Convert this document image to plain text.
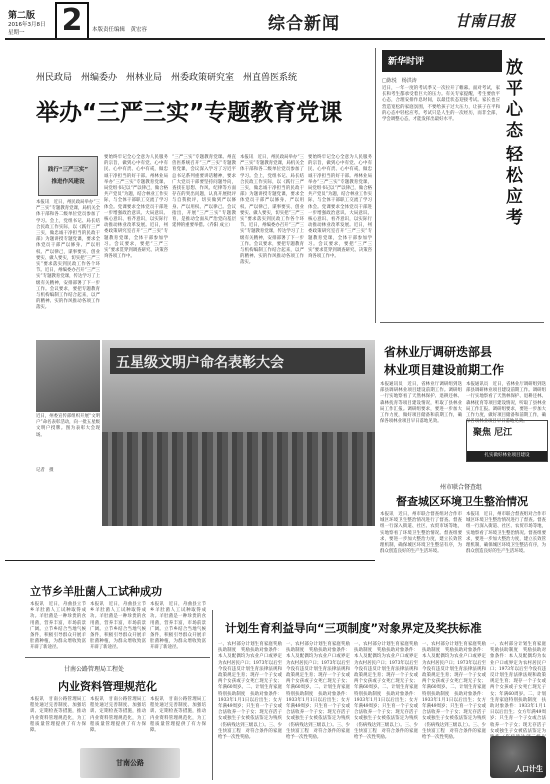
第二版
2016年3月8日
星期一 2	本版责任编辑　黄宏容	综合新闻	甘南日报
州民政局　州编委办　州林业局　州委政策研究室　州直兽医系统
举办“三严三实”专题教育党课
践行“三严三实”
推进作风建设
本报讯　近日，州民政局举办“三严三实”专题教育党课，局机关全体干部和各二级单位党员参加了学习。会上，党组书记、局长结合民政工作实际，以《践行三严三实，做忠诚干净担当的民政干部》为题讲授专题党课，要求全体党员干部严以修身、严以用权、严以律己，谋事要实、创业要实、做人要实，切实把“三严三实”要求落实到民政工作各个环节。近日，州编委办召开“三严三实”专题教育党课，传达学习了上级有关精神，安排部署了下一步工作。会议要求，要把专题教育与机构编制工作结合起来，以严的精神、实的作风推动各项工作落实。
要始终牢记全心全意为人民服务的宗旨，做到心中有党、心中有民、心中有责、心中有戒，做忠诚干净担当的好干部。州林业局举办“三严三实”专题教育党课，局党组书记以“严以律己，做合格共产党员”为题，结合林业工作实际，与全体干部职工交流了学习体会。党课要求全体党员干部进一步增强政治意识、大局意识、核心意识、看齐意识，以实际行动推动林业改革发展。近日，州委政策研究室召开“三严三实”专题教育党课，全体干部参加学习。会议要求，要把“三严三实”要求贯穿到调查研究、决策咨询各项工作中。
“三严三实”专题教育党课。州直兽医系统召开“三严三实”专题教育党课，会议深入学习了习近平总书记系列重要讲话精神，要求广大党员干部要坚持问题导向，查找在思想、作风、纪律等方面存在的突出问题，认真开展批评与自我批评，切实做到严以修身、严以用权、严以律己。会议指出，开展“三严三实”专题教育，是推动全面从严治党向基层延伸的重要举措。（乔阳 成立）
本报讯　近日，州民政局举办“三严三实”专题教育党课，局机关全体干部和各二级单位党员参加了学习。会上，党组书记、局长结合民政工作实际，以《践行三严三实，做忠诚干净担当的民政干部》为题讲授专题党课，要求全体党员干部严以修身、严以用权、严以律己，谋事要实、创业要实、做人要实，切实把“三严三实”要求落实到民政工作各个环节。近日，州编委办召开“三严三实”专题教育党课，传达学习了上级有关精神，安排部署了下一步工作。会议要求，要把专题教育与机构编制工作结合起来，以严的精神、实的作风推动各项工作落实。
要始终牢记全心全意为人民服务的宗旨，做到心中有党、心中有民、心中有责、心中有戒，做忠诚干净担当的好干部。州林业局举办“三严三实”专题教育党课，局党组书记以“严以律己，做合格共产党员”为题，结合林业工作实际，与全体干部职工交流了学习体会。党课要求全体党员干部进一步增强政治意识、大局意识、核心意识、看齐意识，以实际行动推动林业改革发展。近日，州委政策研究室召开“三严三实”专题教育党课，全体干部参加学习。会议要求，要把“三严三实”要求贯穿到调查研究、决策咨询各项工作中。
五星级文明户命名表彰大会
近日，州委宣传部组织开展“文明户”命名表彰活动，向一批五星级文明户授牌。图为表彰大会现场。
记者　摄
新华时评
□陈悦　杨洪涛
近日，一年一度的考试季又一次拉开了帷幕。面对考试，家长和考生都承受着巨大的压力。有关专家提醒，考生要放平心态，合理安排作息时间，以最佳状态迎接考试。家长也应营造宽松的家庭氛围，不要给孩子过大压力，让孩子在平和的心态中轻松应考。考试只是人生的一次经历，而非全部，学会调整心态，才能发挥出最好水平。
放平心态
轻松应考
省林业厅调研迭部县
林业项目建设前期工作
本报通讯员　近日，省林业厅调研组到迭部县调研林业项目建设前期工作。调研组一行实地察看了天然林保护、退耕还林、森林抚育等项目建设情况，听取了县林业局工作汇报。调研组要求，要进一步加大工作力度，做好项目储备和前期工作，确保各项林业项目早日落地见效。
本报通讯员　近日，省林业厅调研组到迭部县调研林业项目建设前期工作。调研组一行实地察看了天然林保护、退耕还林、森林抚育等项目建设情况，听取了县林业局工作汇报。调研组要求，要进一步加大工作力度，做好项目储备和前期工作，确保各项林业项目早日落地见效。
聚焦 尼江
扎实做好林业项目建设
州市联合督查组
督查城区环境卫生整治情况
本报讯　近日，州市联合督查组对合作市城区环境卫生整治情况进行了督查。督查组一行深入街道、社区、农贸市场等地，实地察看了环境卫生整治情况。督查组要求，要进一步加大整治力度，建立长效管理机制，确保城区环境卫生整洁有序，为群众创造良好的生产生活环境。
本报讯　近日，州市联合督查组对合作市城区环境卫生整治情况进行了督查。督查组一行深入街道、社区、农贸市场等地，实地察看了环境卫生整治情况。督查组要求，要进一步加大整治力度，建立长效管理机制，确保城区环境卫生整洁有序，为群众创造良好的生产生活环境。
立节乡羊肚菌人工试种成功
本报讯　近日，舟曲县立节乡羊肚菌人工试种取得成功。羊肚菌是一种珍贵的食用菌，营养丰富，市场前景广阔。立节乡结合当地气候条件，积极引导群众开展羊肚菌种植，为群众增收致富开辟了新途径。
本报讯　近日，舟曲县立节乡羊肚菌人工试种取得成功。羊肚菌是一种珍贵的食用菌，营养丰富，市场前景广阔。立节乡结合当地气候条件，积极引导群众开展羊肚菌种植，为群众增收致富开辟了新途径。
本报讯　近日，舟曲县立节乡羊肚菌人工试种取得成功。羊肚菌是一种珍贵的食用菌，营养丰富，市场前景广阔。立节乡结合当地气候条件，积极引导群众开展羊肚菌种植，为群众增收致富开辟了新途径。
甘南公路管理局工程处
内业资料管理规范化
本报讯　甘南公路管理局工程处通过完善制度、加强培训、定期检查等措施，推动内业资料管理规范化，为工程质量管理提供了有力保障。
本报讯　甘南公路管理局工程处通过完善制度、加强培训、定期检查等措施，推动内业资料管理规范化，为工程质量管理提供了有力保障。
本报讯　甘南公路管理局工程处通过完善制度、加强培训、定期检查等措施，推动内业资料管理规范化，为工程质量管理提供了有力保障。
甘南公路
计划生育利益导向“三项制度”对象界定及奖扶标准
一、农村部分计划生育家庭奖励扶助制度　奖励扶助对象条件：本人及配偶均为农业户口或界定为农村居民户口；1973年以后至今没有违反计划生育法律法规和政策规定生育；现存一个子女或两个女孩或子女死亡现无子女；年满60周岁。二、计划生育家庭特别扶助制度　扶助对象条件：1933年1月1日以后出生；女方年满49周岁；只生育一个子女或合法收养一个子女；现无存活子女或独生子女被依法鉴定为残疾（伤病残达到三级以上）。三、少生快富工程　对符合条件的家庭给予一次性奖励。
一、农村部分计划生育家庭奖励扶助制度　奖励扶助对象条件：本人及配偶均为农业户口或界定为农村居民户口；1973年以后至今没有违反计划生育法律法规和政策规定生育；现存一个子女或两个女孩或子女死亡现无子女；年满60周岁。二、计划生育家庭特别扶助制度　扶助对象条件：1933年1月1日以后出生；女方年满49周岁；只生育一个子女或合法收养一个子女；现无存活子女或独生子女被依法鉴定为残疾（伤病残达到三级以上）。三、少生快富工程　对符合条件的家庭给予一次性奖励。
一、农村部分计划生育家庭奖励扶助制度　奖励扶助对象条件：本人及配偶均为农业户口或界定为农村居民户口；1973年以后至今没有违反计划生育法律法规和政策规定生育；现存一个子女或两个女孩或子女死亡现无子女；年满60周岁。二、计划生育家庭特别扶助制度　扶助对象条件：1933年1月1日以后出生；女方年满49周岁；只生育一个子女或合法收养一个子女；现无存活子女或独生子女被依法鉴定为残疾（伤病残达到三级以上）。三、少生快富工程　对符合条件的家庭给予一次性奖励。
一、农村部分计划生育家庭奖励扶助制度　奖励扶助对象条件：本人及配偶均为农业户口或界定为农村居民户口；1973年以后至今没有违反计划生育法律法规和政策规定生育；现存一个子女或两个女孩或子女死亡现无子女；年满60周岁。二、计划生育家庭特别扶助制度　扶助对象条件：1933年1月1日以后出生；女方年满49周岁；只生育一个子女或合法收养一个子女；现无存活子女或独生子女被依法鉴定为残疾（伤病残达到三级以上）。三、少生快富工程　对符合条件的家庭给予一次性奖励。
一、农村部分计划生育家庭奖励扶助制度　奖励扶助对象条件：本人及配偶均为农业户口或界定为农村居民户口；1973年以后至今没有违反计划生育法律法规和政策规定生育；现存一个子女或两个女孩或子女死亡现无子女；年满60周岁。二、计划生育家庭特别扶助制度　扶助对象条件：1933年1月1日以后出生；女方年满49周岁；只生育一个子女或合法收养一个子女；现无存活子女或独生子女被依法鉴定为　
人口计生
